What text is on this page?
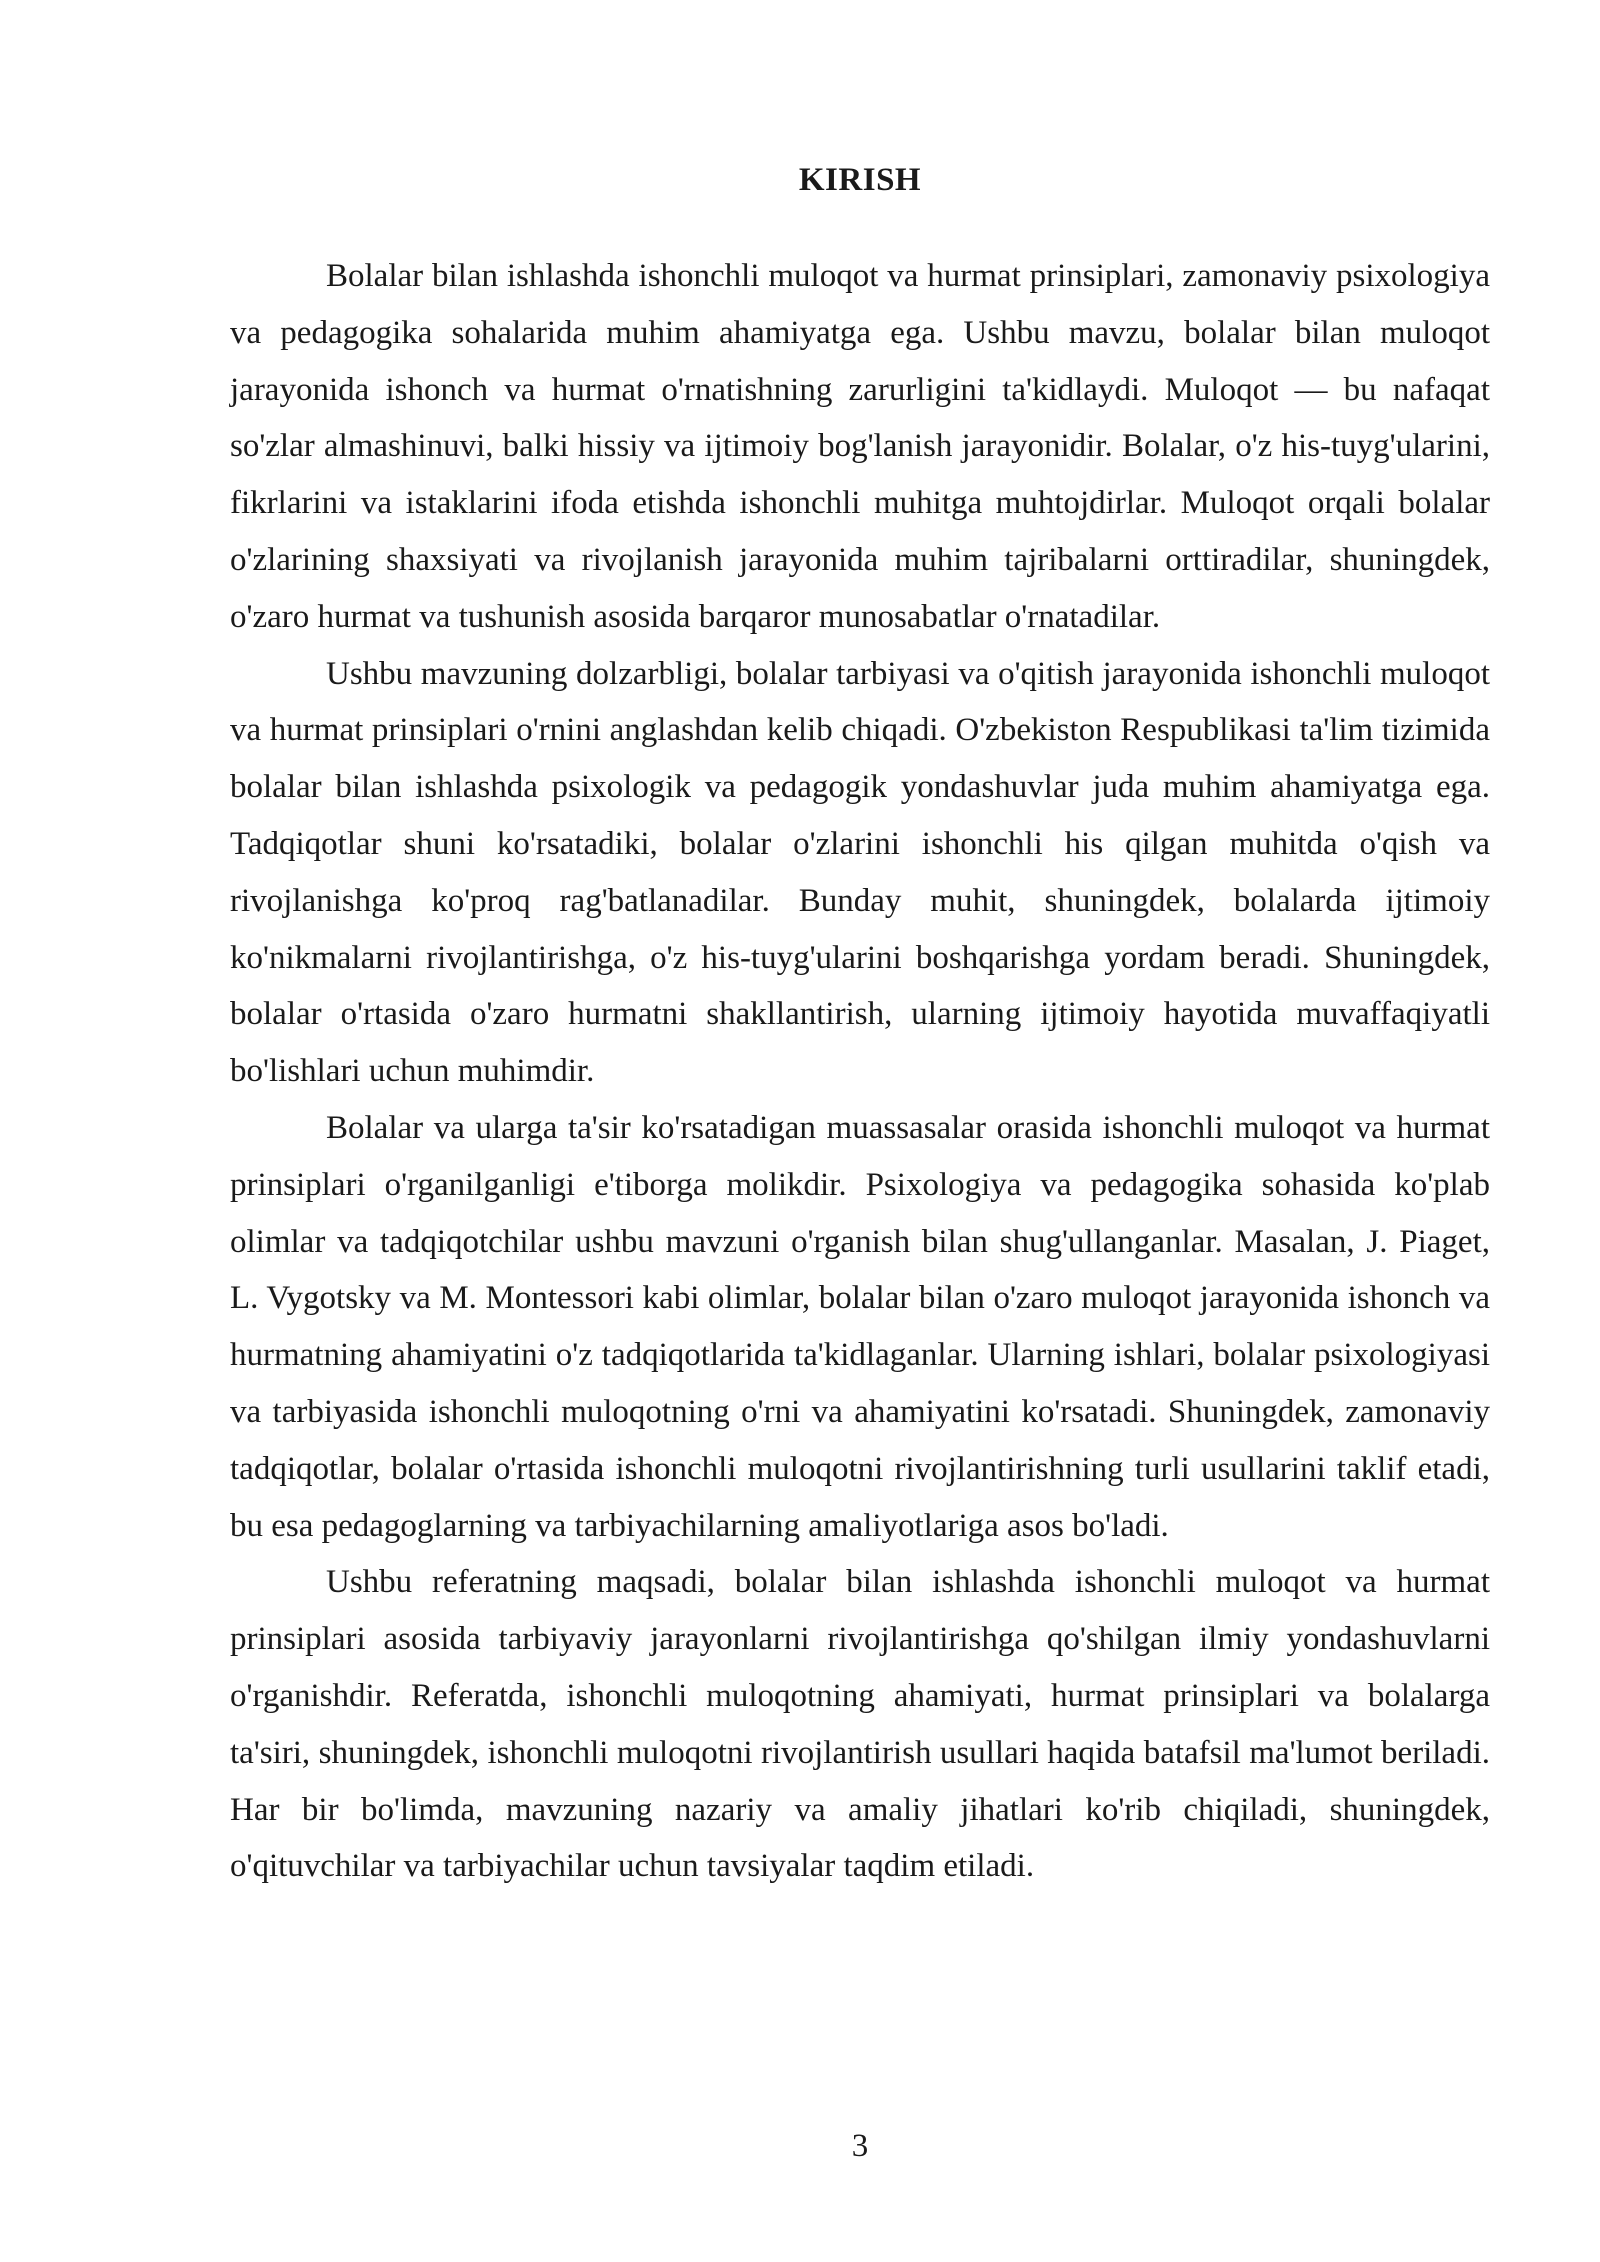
KIRISH

Bolalar bilan ishlashda ishonchli muloqot va hurmat prinsiplari, zamonaviy psixologiya va pedagogika sohalarida muhim ahamiyatga ega. Ushbu mavzu, bolalar bilan muloqot jarayonida ishonch va hurmat o'rnatishning zarurligini ta'kidlaydi. Muloqot — bu nafaqat so'zlar almashinuvi, balki hissiy va ijtimoiy bog'lanish jarayonidir. Bolalar, o'z his-tuyg'ularini, fikrlarini va istaklarini ifoda etishda ishonchli muhitga muhtojdirlar. Muloqot orqali bolalar o'zlarining shaxsiyati va rivojlanish jarayonida muhim tajribalarni orttiradilar, shuningdek, o'zaro hurmat va tushunish asosida barqaror munosabatlar o'rnatadilar.

Ushbu mavzuning dolzarbligi, bolalar tarbiyasi va o'qitish jarayonida ishonchli muloqot va hurmat prinsiplari o'rnini anglashdan kelib chiqadi. O'zbekiston Respublikasi ta'lim tizimida bolalar bilan ishlashda psixologik va pedagogik yondashuvlar juda muhim ahamiyatga ega. Tadqiqotlar shuni ko'rsatadiki, bolalar o'zlarini ishonchli his qilgan muhitda o'qish va rivojlanishga ko'proq rag'batlanadilar. Bunday muhit, shuningdek, bolalarda ijtimoiy ko'nikmalarni rivojlantirishga, o'z his-tuyg'ularini boshqarishga yordam beradi. Shuningdek, bolalar o'rtasida o'zaro hurmatni shakllantirish, ularning ijtimoiy hayotida muvaffaqiyatli bo'lishlari uchun muhimdir.

Bolalar va ularga ta'sir ko'rsatadigan muassasalar orasida ishonchli muloqot va hurmat prinsiplari o'rganilganligi e'tiborga molikdir. Psixologiya va pedagogika sohasida ko'plab olimlar va tadqiqotchilar ushbu mavzuni o'rganish bilan shug'ullanganlar. Masalan, J. Piaget, L. Vygotsky va M. Montessori kabi olimlar, bolalar bilan o'zaro muloqot jarayonida ishonch va hurmatning ahamiyatini o'z tadqiqotlarida ta'kidlaganlar. Ularning ishlari, bolalar psixologiyasi va tarbiyasida ishonchli muloqotning o'rni va ahamiyatini ko'rsatadi. Shuningdek, zamonaviy tadqiqotlar, bolalar o'rtasida ishonchli muloqotni rivojlantirishning turli usullarini taklif etadi, bu esa pedagoglarning va tarbiyachilarning amaliyotlariga asos bo'ladi.

Ushbu referatning maqsadi, bolalar bilan ishlashda ishonchli muloqot va hurmat prinsiplari asosida tarbiyaviy jarayonlarni rivojlantirishga qo'shilgan ilmiy yondashuvlarni o'rganishdir. Referatda, ishonchli muloqotning ahamiyati, hurmat prinsiplari va bolalarga ta'siri, shuningdek, ishonchli muloqotni rivojlantirish usullari haqida batafsil ma'lumot beriladi. Har bir bo'limda, mavzuning nazariy va amaliy jihatlari ko'rib chiqiladi, shuningdek, o'qituvchilar va tarbiyachilar uchun tavsiyalar taqdim etiladi.

3
